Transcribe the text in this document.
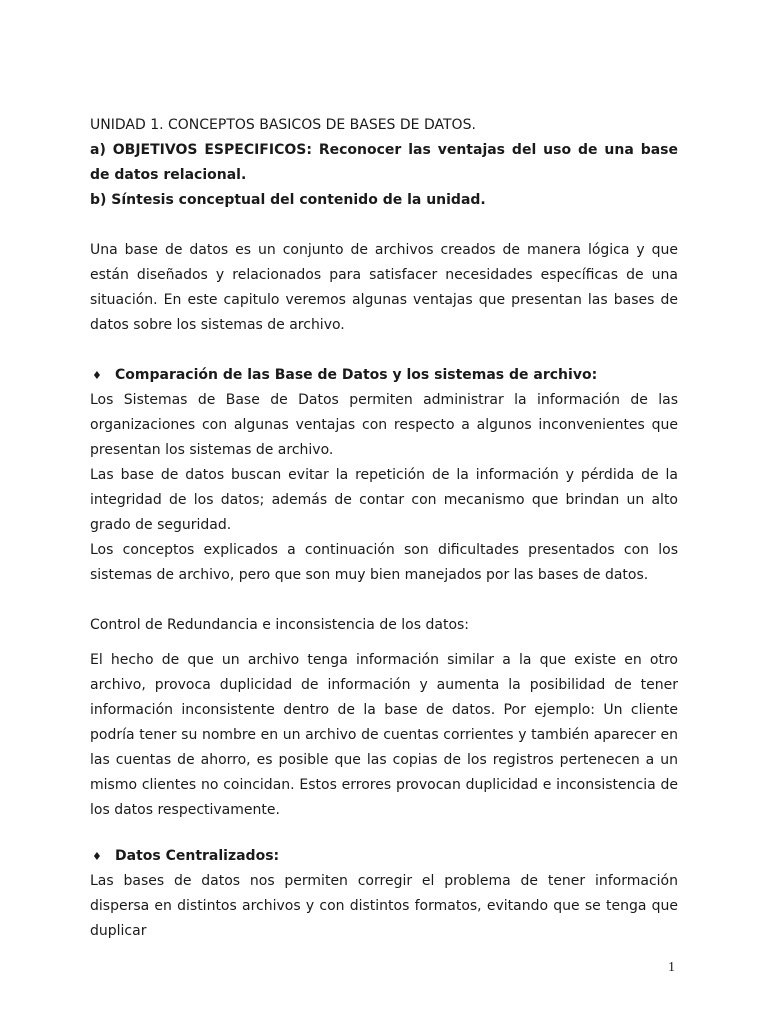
UNIDAD 1. CONCEPTOS BASICOS DE BASES DE DATOS.

a) OBJETIVOS ESPECIFICOS: Reconocer las ventajas del uso de una base de datos relacional.

b) Síntesis conceptual del contenido de la unidad.

Una base de datos es un conjunto de archivos creados de manera lógica y que están diseñados y relacionados para satisfacer necesidades específicas de una situación. En este capitulo veremos algunas ventajas que presentan las bases de datos sobre los sistemas de archivo.

♦ Comparación de las Base de Datos y los sistemas de archivo:

Los Sistemas de Base de Datos permiten administrar la información de las organizaciones con algunas ventajas con respecto a algunos inconvenientes que presentan los sistemas de archivo.

Las base de datos buscan evitar la repetición de la información y pérdida de la integridad de los datos; además de contar con mecanismo que brindan un alto grado de seguridad.

Los conceptos explicados a continuación son dificultades presentados con los sistemas de archivo, pero que son muy bien manejados por las bases de datos.

Control de Redundancia e inconsistencia de los datos:

El hecho de que un archivo tenga información similar a la que existe en otro archivo, provoca duplicidad de información y aumenta la posibilidad de tener información inconsistente dentro de la base de datos. Por ejemplo: Un cliente podría tener su nombre en un archivo de cuentas corrientes y también aparecer en las cuentas de ahorro, es posible que las copias de los registros pertenecen a un mismo clientes no coincidan. Estos errores provocan duplicidad e inconsistencia de los datos respectivamente.

♦ Datos Centralizados:

Las bases de datos nos permiten corregir el problema de tener información dispersa en distintos archivos y con distintos formatos, evitando que se tenga que duplicar

1
